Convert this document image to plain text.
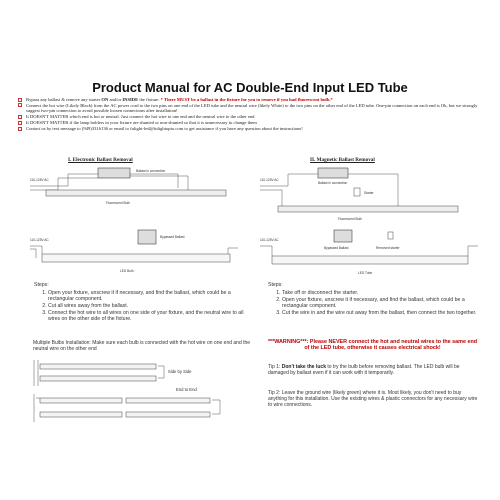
Product Manual for AC Double-End Input LED Tube
Bypass any ballast & remove any starter ON and/or INSIDE the fixture. * There MUST be a ballast in the fixture for you to remove if you had fluorescent bulb.*
Connect the hot wire (Likely Black) from the AC power cord to the two pins on one end of the LED tube and the neutral wire (likely White) to the two pins on the other end of the LED tube. One-pin connection on each end is Ok, but we strongly suggest two-pin connection to avoid possible loosen connections after installation!
It DOESN'T MATTER which end is hot or neutral. Just connect the hot wire to one end and the neutral wire to the other end
It DOESN'T MATTER if the lamp holders in your fixture are shunted or non-shunted so that it is unnecessary to change them
Contact us by text message to (949)3316136 or email to fulight-led@fulightopto.com to get assistance if you have any question about the instructions!
I. Electronic Ballast Removal
Ballast in connection
110-125V AC
Fluorescent Bulb
110-125V AC
Bypassed Ballast
LED Bulb
Steps:
1. Open your fixture, unscrew it if necessary, and find the ballast, which could be a rectangular component.
2. Cut all wires away from the ballast.
3. Connect the hot wire to all wires on one side of your fixture, and the neutral wire to all wires on the other side of the fixture.
II. Magnetic Ballast Removal
Ballast in connection
110-125V AC
Starter
Fluorescent Bulb
110-125V AC
Bypassed Ballast	Removed starter
LED Tube
Steps:
1. Take off or disconnect the starter.
2. Open your fixture, unscrew it if necessary, and find the ballast, which could be a rectangular component.
3. Cut the wire in and the wire out away from the ballast, then connect the two together.
Multiple Bulbs Installation: Make sure each bulb is connected with the hot wire on one end and the neutral wire on the other end
Side by Side
End to End
***WARNING***: Please NEVER connect the hot and neutral wires to the same end of the LED tube, otherwise it causes electrical shock!
Tip 1: Don't take the luck to try the bulb before removing ballast. The LED bulb will be damaged by ballast even if it can work with it temporarily.
Tip 2: Leave the ground wire (likely green) where it is. Most likely, you don't need to buy anything for this installation. Use the existing wires & plastic connectors for any necessary wire to wire connections.
